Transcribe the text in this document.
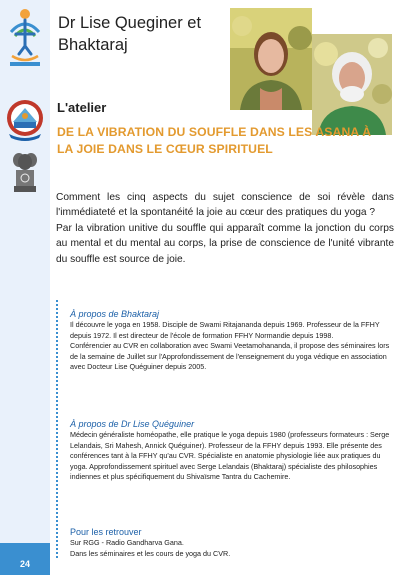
24
Dr Lise Queginer et Bhaktaraj
L'atelier
DE LA VIBRATION DU SOUFFLE DANS LES ASANA À LA JOIE DANS LE CŒUR SPIRITUEL
Comment les cinq aspects du sujet conscience de soi révèle dans l'immédiateté et la spontanéité la joie au cœur des pratiques du yoga ?
Par la vibration unitive du souffle qui apparaît comme la jonction du corps au mental et du mental au corps, la prise de conscience de l'unité vibrante du souffle est source de joie.
À propos de Bhaktaraj

Il découvre le yoga en 1958. Disciple de Swami Ritajananda depuis 1969. Professeur de la FFHY depuis 1972. Il est directeur de l'école de formation FFHY Normandie depuis 1998.

Conférencier au CVR en collaboration avec Swami Veetamohananda, il propose des séminaires lors de la semaine de Juillet sur l'Approfondissement de l'enseignement du yoga védique en association avec Docteur Lise Quéguiner depuis 2005.

À propos de Dr Lise Quéguiner

Médecin généraliste homéopathe, elle pratique le yoga depuis 1980 (professeurs formateurs : Serge Lelandais, Sri Mahesh, Annick Quéguiner). Professeur de la FFHY depuis 1993. Elle présente des conférences tant à la FFHY qu'au CVR. Spécialiste en anatomie physiologie liée aux pratiques du yoga. Approfondissement spirituel avec Serge Lelandais (Bhaktaraj) spécialiste des philosophies indiennes et plus spécifiquement du Shivaïsme Tantra du Cachemire.

Pour les retrouver

Sur RGG - Radio Gandharva Gana.

Dans les séminaires et les cours de yoga du CVR.
